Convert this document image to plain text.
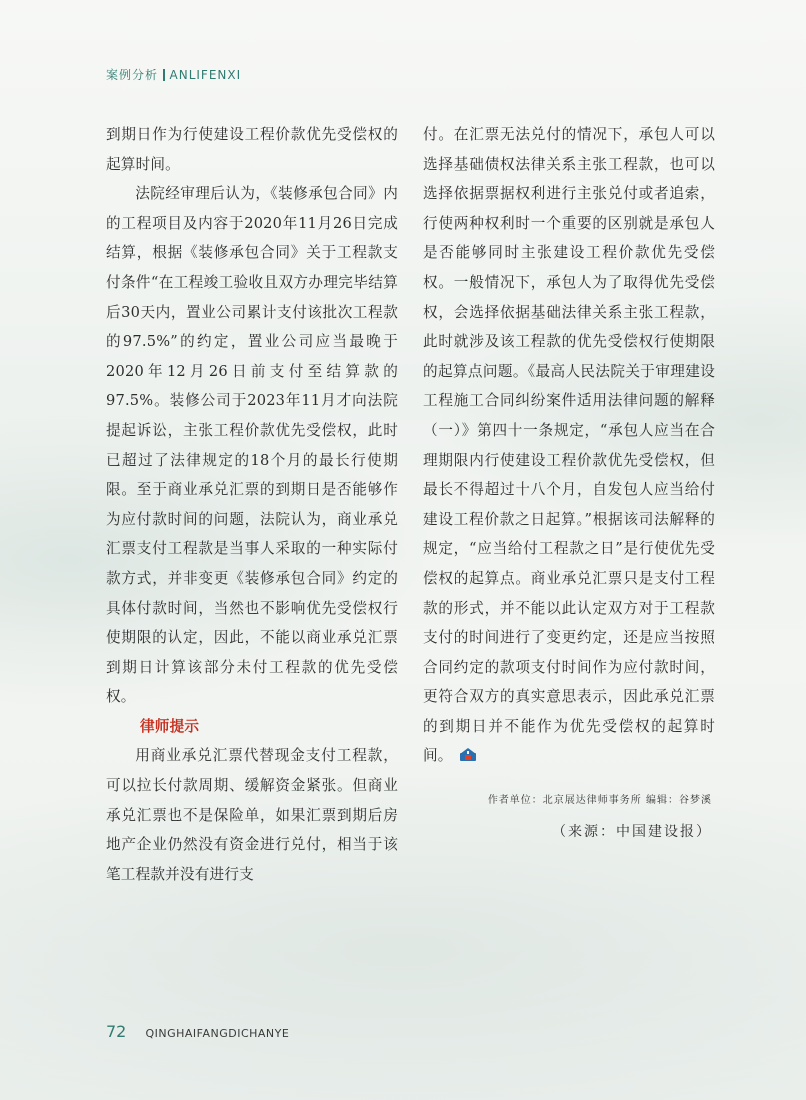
案例分析 ANLIFENXI

到期日作为行使建设工程价款优先受偿权的起算时间。

法院经审理后认为，《装修承包合同》内的工程项目及内容于2020年11月26日完成结算，根据《装修承包合同》关于工程款支付条件“在工程竣工验收且双方办理完毕结算后30天内，置业公司累计支付该批次工程款的97.5%”的约定，置业公司应当最晚于2020年12月26日前支付至结算款的97.5%。装修公司于2023年11月才向法院提起诉讼，主张工程价款优先受偿权，此时已超过了法律规定的18个月的最长行使期限。至于商业承兑汇票的到期日是否能够作为应付款时间的问题，法院认为，商业承兑汇票支付工程款是当事人采取的一种实际付款方式，并非变更《装修承包合同》约定的具体付款时间，当然也不影响优先受偿权行使期限的认定，因此，不能以商业承兑汇票到期日计算该部分未付工程款的优先受偿权。

律师提示

用商业承兑汇票代替现金支付工程款，可以拉长付款周期、缓解资金紧张。但商业承兑汇票也不是保险单，如果汇票到期后房地产企业仍然没有资金进行兑付，相当于该笔工程款并没有进行支

付。在汇票无法兑付的情况下，承包人可以选择基础债权法律关系主张工程款，也可以选择依据票据权利进行主张兑付或者追索，行使两种权利时一个重要的区别就是承包人是否能够同时主张建设工程价款优先受偿权。一般情况下，承包人为了取得优先受偿权，会选择依据基础法律关系主张工程款，此时就涉及该工程款的优先受偿权行使期限的起算点问题。《最高人民法院关于审理建设工程施工合同纠纷案件适用法律问题的解释（一）》第四十一条规定，“承包人应当在合理期限内行使建设工程价款优先受偿权，但最长不得超过十八个月，自发包人应当给付建设工程价款之日起算。”根据该司法解释的规定，“应当给付工程款之日”是行使优先受偿权的起算点。商业承兑汇票只是支付工程款的形式，并不能以此认定双方对于工程款支付的时间进行了变更约定，还是应当按照合同约定的款项支付时间作为应付款时间，更符合双方的真实意思表示，因此承兑汇票的到期日并不能作为优先受偿权的起算时间。

作者单位：北京展达律师事务所 编辑：谷梦溪
（来源：中国建设报）
72 QINGHAIFANGDICHANYE
